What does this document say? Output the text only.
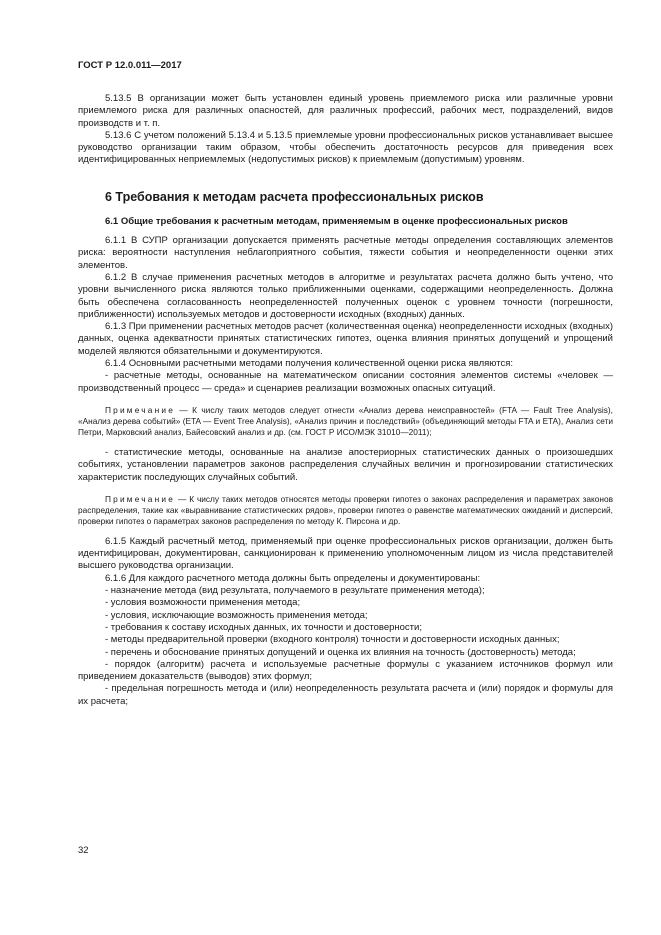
ГОСТ Р 12.0.011—2017

5.13.5 В организации может быть установлен единый уровень приемлемого риска или различные уровни приемлемого риска для различных опасностей, для различных профессий, рабочих мест, подразделений, видов производств и т. п.

5.13.6 С учетом положений 5.13.4 и 5.13.5 приемлемые уровни профессиональных рисков устанавливает высшее руководство организации таким образом, чтобы обеспечить достаточность ресурсов для приведения всех идентифицированных неприемлемых (недопустимых рисков) к приемлемым (допустимым) уровням.

6 Требования к методам расчета профессиональных рисков
6.1 Общие требования к расчетным методам, применяемым в оценке профессиональных рисков

6.1.1 В СУПР организации допускается применять расчетные методы определения составляющих элементов риска: вероятности наступления неблагоприятного события, тяжести события и неопределенности оценки этих элементов.

6.1.2 В случае применения расчетных методов в алгоритме и результатах расчета должно быть учтено, что уровни вычисленного риска являются только приближенными оценками, содержащими неопределенность. Должна быть обеспечена согласованность неопределенностей полученных оценок с уровнем точности (погрешности, приближенности) используемых методов и достоверности исходных (входных) данных.

6.1.3 При применении расчетных методов расчет (количественная оценка) неопределенности исходных (входных) данных, оценка адекватности принятых статистических гипотез, оценка влияния принятых допущений и упрощений моделей являются обязательными и документируются.

6.1.4 Основными расчетными методами получения количественной оценки риска являются:

- расчетные методы, основанные на математическом описании состояния элементов системы «человек — производственный процесс — среда» и сценариев реализации возможных опасных ситуаций.

Примечание — К числу таких методов следует отнести «Анализ дерева неисправностей» (FTA — Fault Tree Analysis), «Анализ дерева событий» (ETA — Event Tree Analysis), «Анализ причин и последствий» (объединяющий методы FTA и ETA), Анализ сети Петри, Марковский анализ, Байесовский анализ и др. (см. ГОСТ Р ИСО/МЭК 31010—2011);

- статистические методы, основанные на анализе апостериорных статистических данных о произошедших событиях, установлении параметров законов распределения случайных величин и прогнозировании статистических характеристик последующих случайных событий.

Примечание — К числу таких методов относятся методы проверки гипотез о законах распределения и параметрах законов распределения, такие как «выравнивание статистических рядов», проверки гипотез о равенстве математических ожиданий и дисперсий, проверки гипотез о параметрах законов распределения по методу К. Пирсона и др.

6.1.5 Каждый расчетный метод, применяемый при оценке профессиональных рисков организации, должен быть идентифицирован, документирован, санкционирован к применению уполномоченным лицом из числа представителей высшего руководства организации.

6.1.6 Для каждого расчетного метода должны быть определены и документированы:

- назначение метода (вид результата, получаемого в результате применения метода);

- условия возможности применения метода;

- условия, исключающие возможность применения метода;

- требования к составу исходных данных, их точности и достоверности;

- методы предварительной проверки (входного контроля) точности и достоверности исходных данных;

- перечень и обоснование принятых допущений и оценка их влияния на точность (достоверность) метода;

- порядок (алгоритм) расчета и используемые расчетные формулы с указанием источников формул или приведением доказательств (выводов) этих формул;

- предельная погрешность метода и (или) неопределенность результата расчета и (или) порядок и формулы для их расчета;

32
